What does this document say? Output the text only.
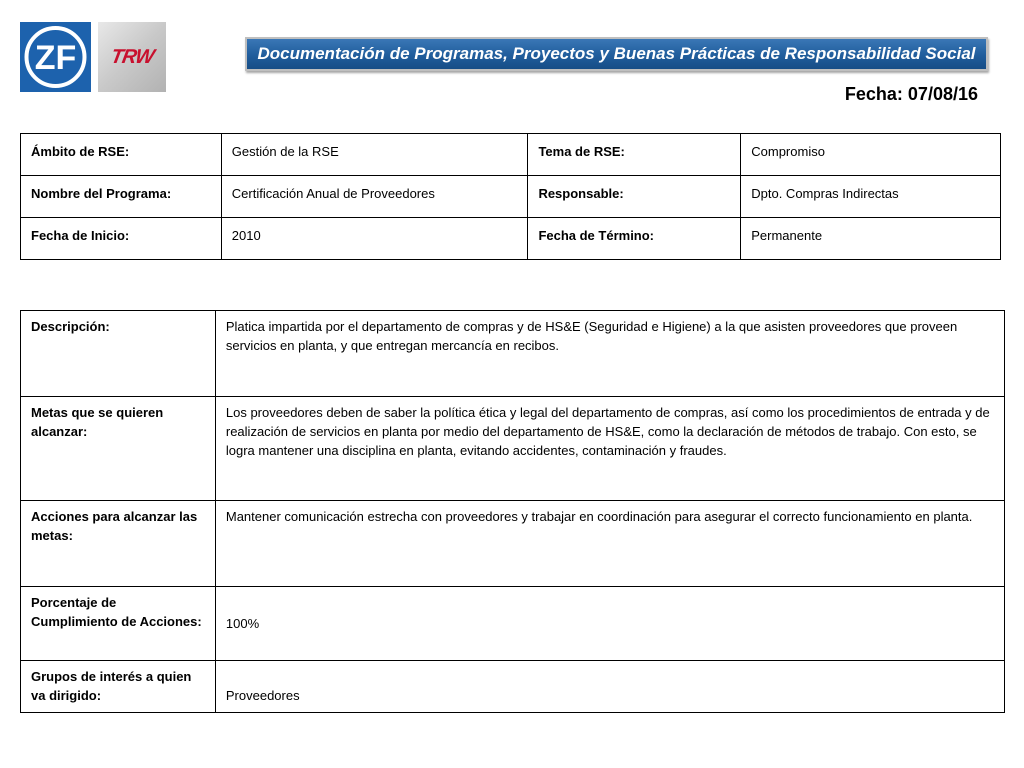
ZF TRW	Documentación de Programas, Proyectos y Buenas Prácticas de Responsabilidad Social
Fecha: 07/08/16
Ámbito de RSE:	Gestión de la RSE	Tema de RSE:	Compromiso
Nombre del Programa:	Certificación Anual de Proveedores	Responsable:	Dpto. Compras Indirectas
Fecha de Inicio:	2010	Fecha de Término:	Permanente
Descripción:	Platica impartida por el departamento de compras y de HS&E (Seguridad e Higiene) a la que asisten proveedores que proveen servicios en planta, y que entregan mercancía en recibos.
Metas que se quieren alcanzar:	Los proveedores deben de saber la política ética y legal del departamento de compras, así como los procedimientos de entrada y de realización de servicios en planta por medio del departamento de HS&E, como la declaración de métodos de trabajo. Con esto, se logra mantener una disciplina en planta, evitando accidentes, contaminación y fraudes.
Acciones para alcanzar las metas:	Mantener comunicación estrecha con proveedores y trabajar en coordinación para asegurar el correcto funcionamiento en planta.
Porcentaje de Cumplimiento de Acciones:	100%
Grupos de interés a quien va dirigido:	Proveedores
